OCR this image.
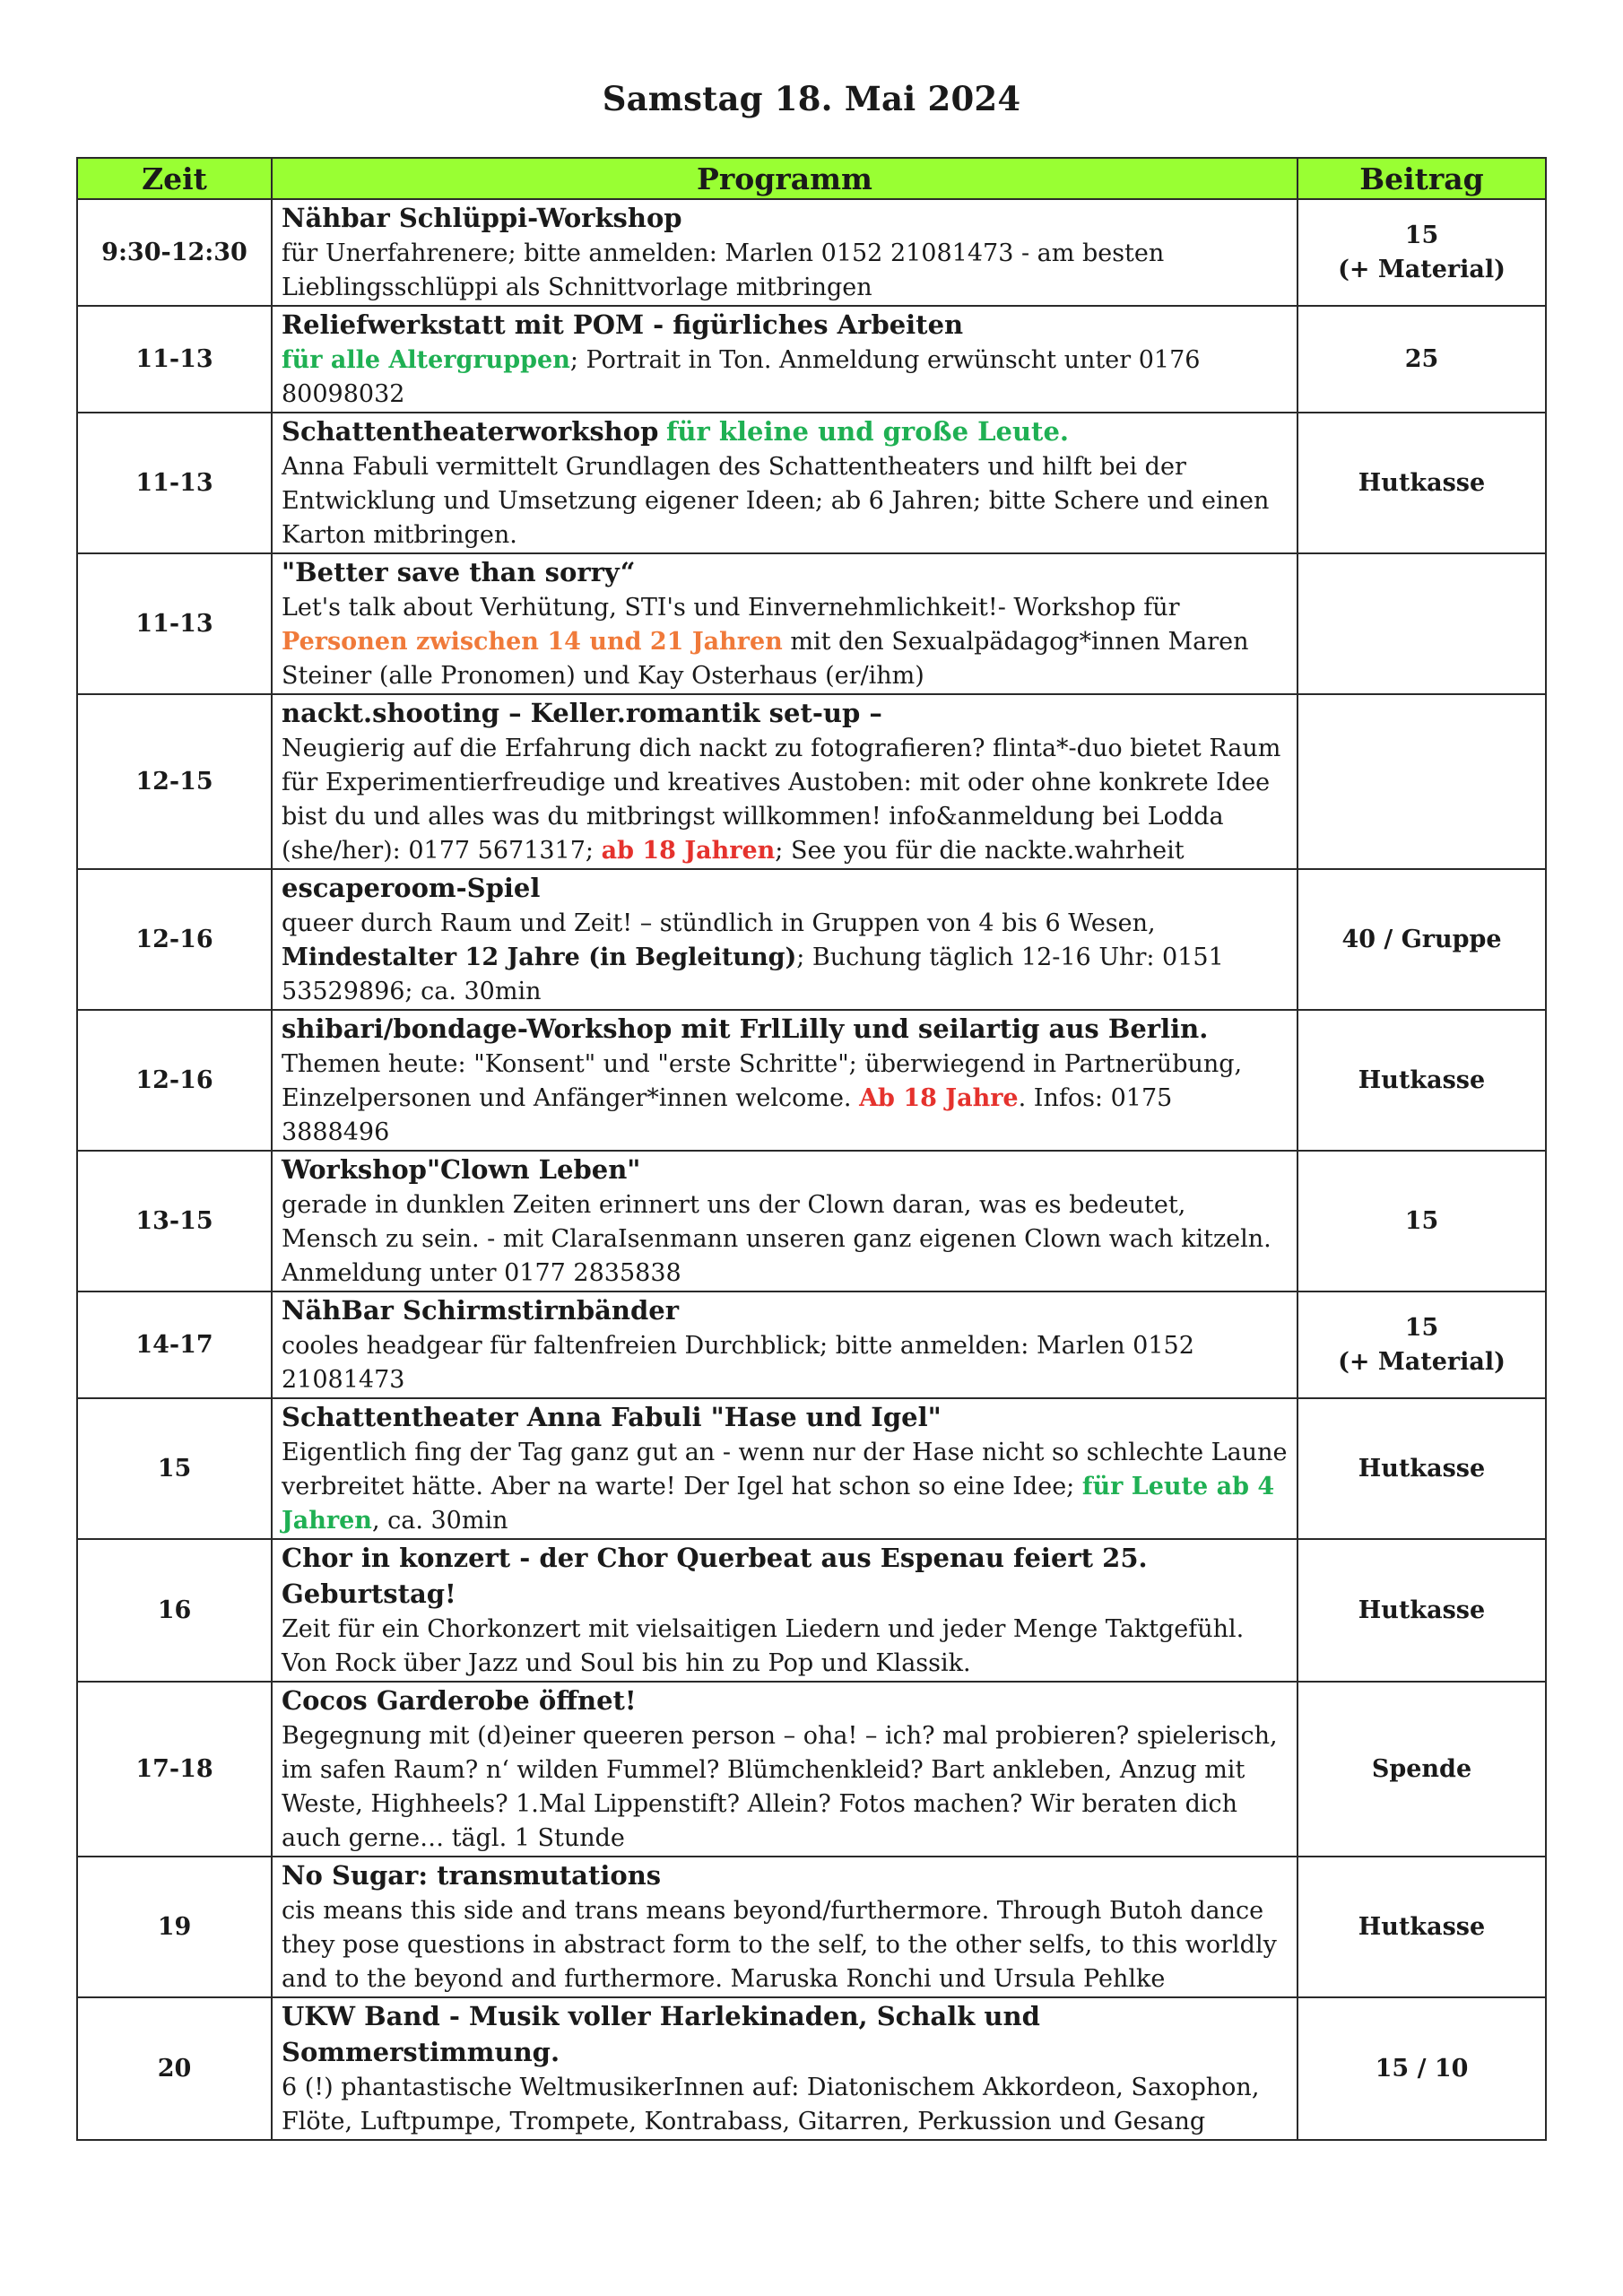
Samstag 18. Mai 2024
Zeit	Programm	Beitrag
9:30-12:30	Nähbar Schlüppi-Workshop
für Unerfahrenere; bitte anmelden: Marlen 0152 21081473 - am besten Lieblingsschlüppi als Schnittvorlage mitbringen	15
(+ Material)

11-13	Reliefwerkstatt mit POM - figürliches Arbeiten
für alle Altergruppen; Portrait in Ton. Anmeldung erwünscht unter 0176 80098032	25

11-13	Schattentheaterworkshop für kleine und große Leute.
Anna Fabuli vermittelt Grundlagen des Schattentheaters und hilft bei der Entwicklung und Umsetzung eigener Ideen; ab 6 Jahren; bitte Schere und einen Karton mitbringen.	Hutkasse

11-13	"Better save than sorry“
Let's talk about Verhütung, STI's und Einvernehmlichkeit!- Workshop für Personen zwischen 14 und 21 Jahren mit den Sexualpädagog*innen Maren Steiner (alle Pronomen) und Kay Osterhaus (er/ihm)	

12-15	nackt.shooting – Keller.romantik set-up –
Neugierig auf die Erfahrung dich nackt zu fotografieren? flinta*-duo bietet Raum für Experimentierfreudige und kreatives Austoben: mit oder ohne konkrete Idee bist du und alles was du mitbringst willkommen! info&anmeldung bei Lodda (she/her): 0177 5671317; ab 18 Jahren; See you für die nackte.wahrheit	

12-16	escaperoom-Spiel
queer durch Raum und Zeit! – stündlich in Gruppen von 4 bis 6 Wesen, Mindestalter 12 Jahre (in Begleitung); Buchung täglich 12-16 Uhr: 0151 53529896; ca. 30min	40 / Gruppe

12-16	shibari/bondage-Workshop mit FrlLilly und seilartig aus Berlin.
Themen heute: "Konsent" und "erste Schritte"; überwiegend in Partnerübung, Einzelpersonen und Anfänger*innen welcome. Ab 18 Jahre. Infos: 0175 3888496	Hutkasse

13-15	Workshop"Clown Leben"
gerade in dunklen Zeiten erinnert uns der Clown daran, was es bedeutet, Mensch zu sein. - mit ClaraIsenmann unseren ganz eigenen Clown wach kitzeln. Anmeldung unter 0177 2835838	15

14-17	NähBar Schirmstirnbänder
cooles headgear für faltenfreien Durchblick; bitte anmelden: Marlen 0152 21081473	15
(+ Material)

15	Schattentheater Anna Fabuli "Hase und Igel"
Eigentlich fing der Tag ganz gut an - wenn nur der Hase nicht so schlechte Laune verbreitet hätte. Aber na warte! Der Igel hat schon so eine Idee; für Leute ab 4 Jahren, ca. 30min	Hutkasse

16	Chor in konzert - der Chor Querbeat aus Espenau feiert 25. Geburtstag!
Zeit für ein Chorkonzert mit vielsaitigen Liedern und jeder Menge Taktgefühl. Von Rock über Jazz und Soul bis hin zu Pop und Klassik.	Hutkasse

17-18	Cocos Garderobe öffnet!
Begegnung mit (d)einer queeren person – oha! – ich? mal probieren? spielerisch, im safen Raum? n‘ wilden Fummel? Blümchenkleid? Bart ankleben, Anzug mit Weste, Highheels? 1.Mal Lippenstift? Allein? Fotos machen? Wir beraten dich auch gerne… tägl. 1 Stunde	Spende

19	No Sugar: transmutations
cis means this side and trans means beyond/furthermore. Through Butoh dance they pose questions in abstract form to the self, to the other selfs, to this worldly and to the beyond and furthermore. Maruska Ronchi und Ursula Pehlke	Hutkasse

20	UKW Band - Musik voller Harlekinaden, Schalk und Sommerstimmung.
6 (!) phantastische WeltmusikerInnen auf: Diatonischem Akkordeon, Saxophon, Flöte, Luftpumpe, Trompete, Kontrabass, Gitarren, Perkussion und Gesang	15 / 10
